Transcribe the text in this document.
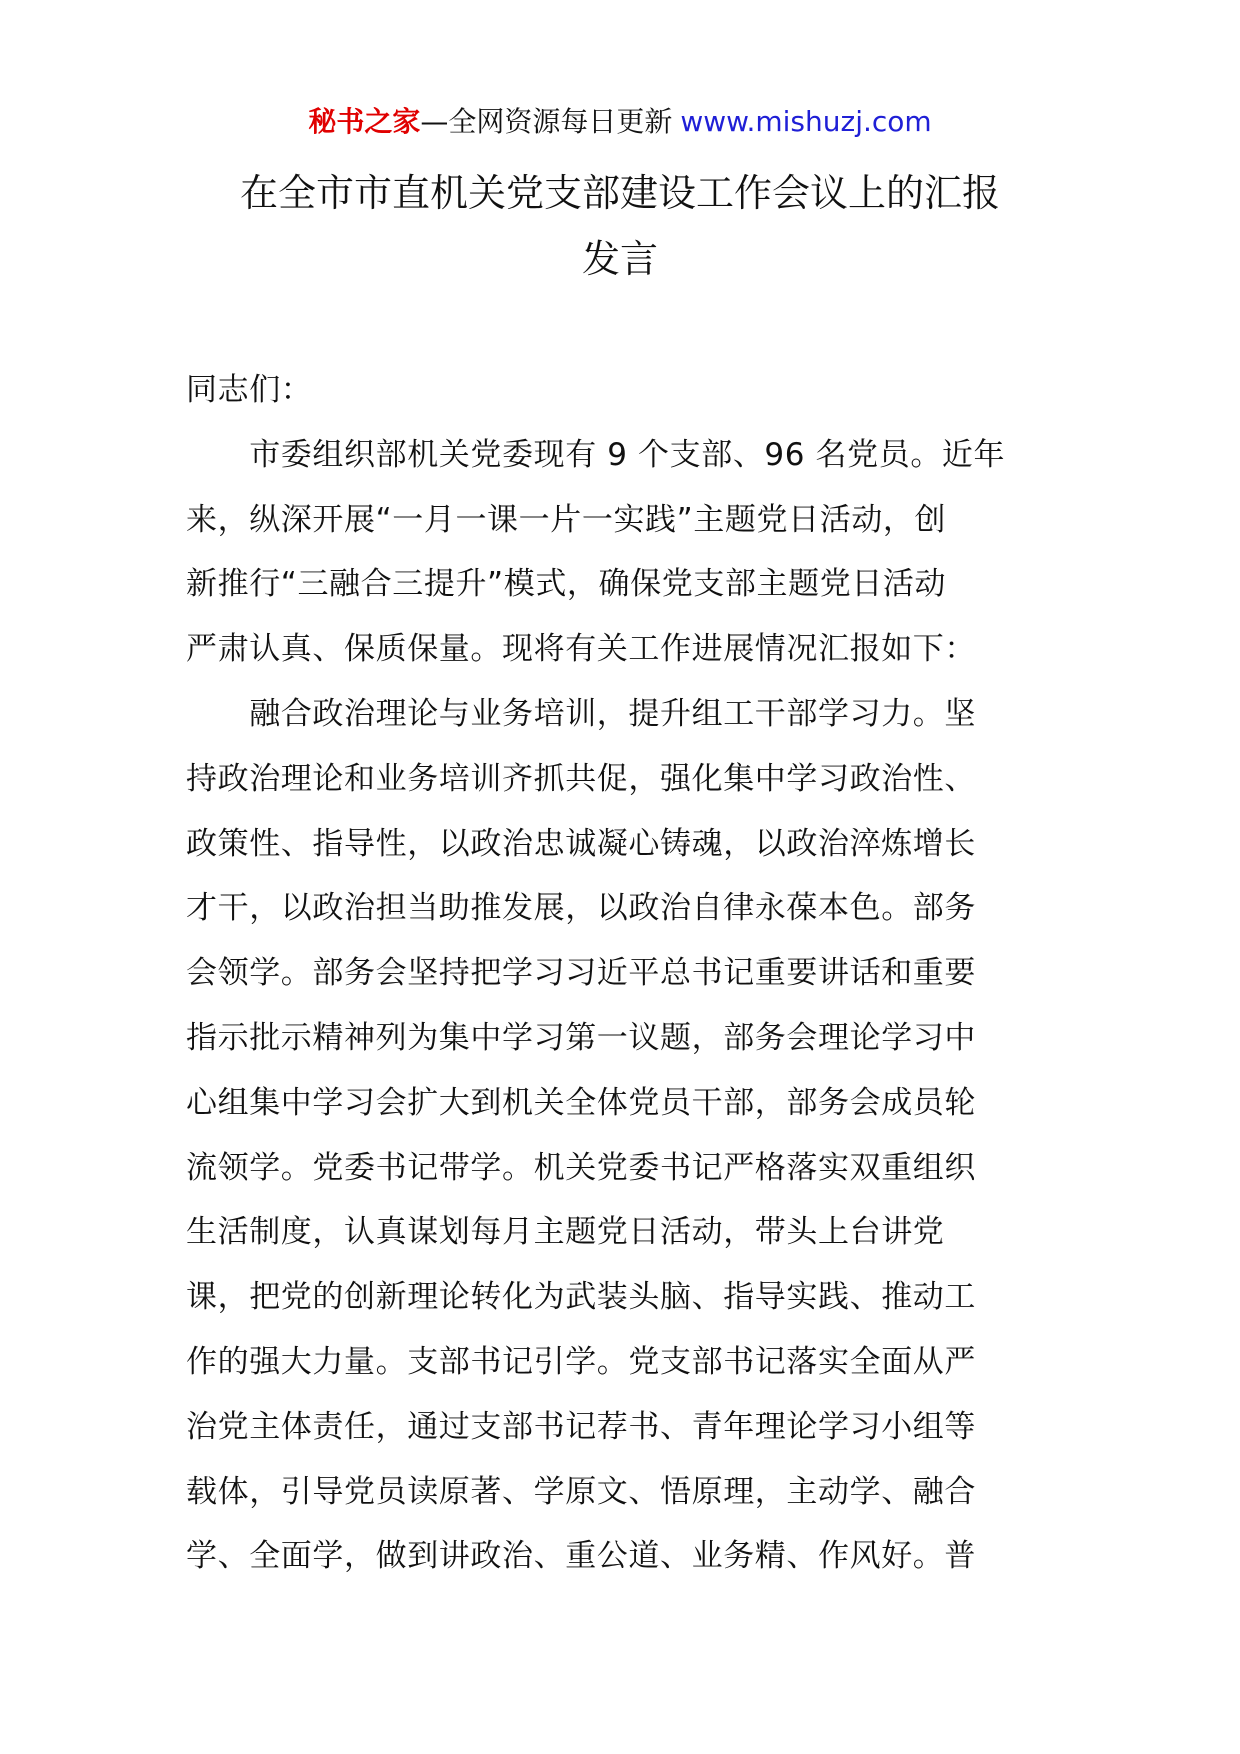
秘书之家—全网资源每日更新 www.mishuzj.com
在全市市直机关党支部建设工作会议上的汇报
发言
同志们：
　　市委组织部机关党委现有 9 个支部、96 名党员。近年
来，纵深开展“一月一课一片一实践”主题党日活动，创
新推行“三融合三提升”模式，确保党支部主题党日活动
严肃认真、保质保量。现将有关工作进展情况汇报如下：
　　融合政治理论与业务培训，提升组工干部学习力。坚
持政治理论和业务培训齐抓共促，强化集中学习政治性、
政策性、指导性，以政治忠诚凝心铸魂，以政治淬炼增长
才干，以政治担当助推发展，以政治自律永葆本色。部务
会领学。部务会坚持把学习习近平总书记重要讲话和重要
指示批示精神列为集中学习第一议题，部务会理论学习中
心组集中学习会扩大到机关全体党员干部，部务会成员轮
流领学。党委书记带学。机关党委书记严格落实双重组织
生活制度，认真谋划每月主题党日活动，带头上台讲党
课，把党的创新理论转化为武装头脑、指导实践、推动工
作的强大力量。支部书记引学。党支部书记落实全面从严
治党主体责任，通过支部书记荐书、青年理论学习小组等
载体，引导党员读原著、学原文、悟原理，主动学、融合
学、全面学，做到讲政治、重公道、业务精、作风好。普
